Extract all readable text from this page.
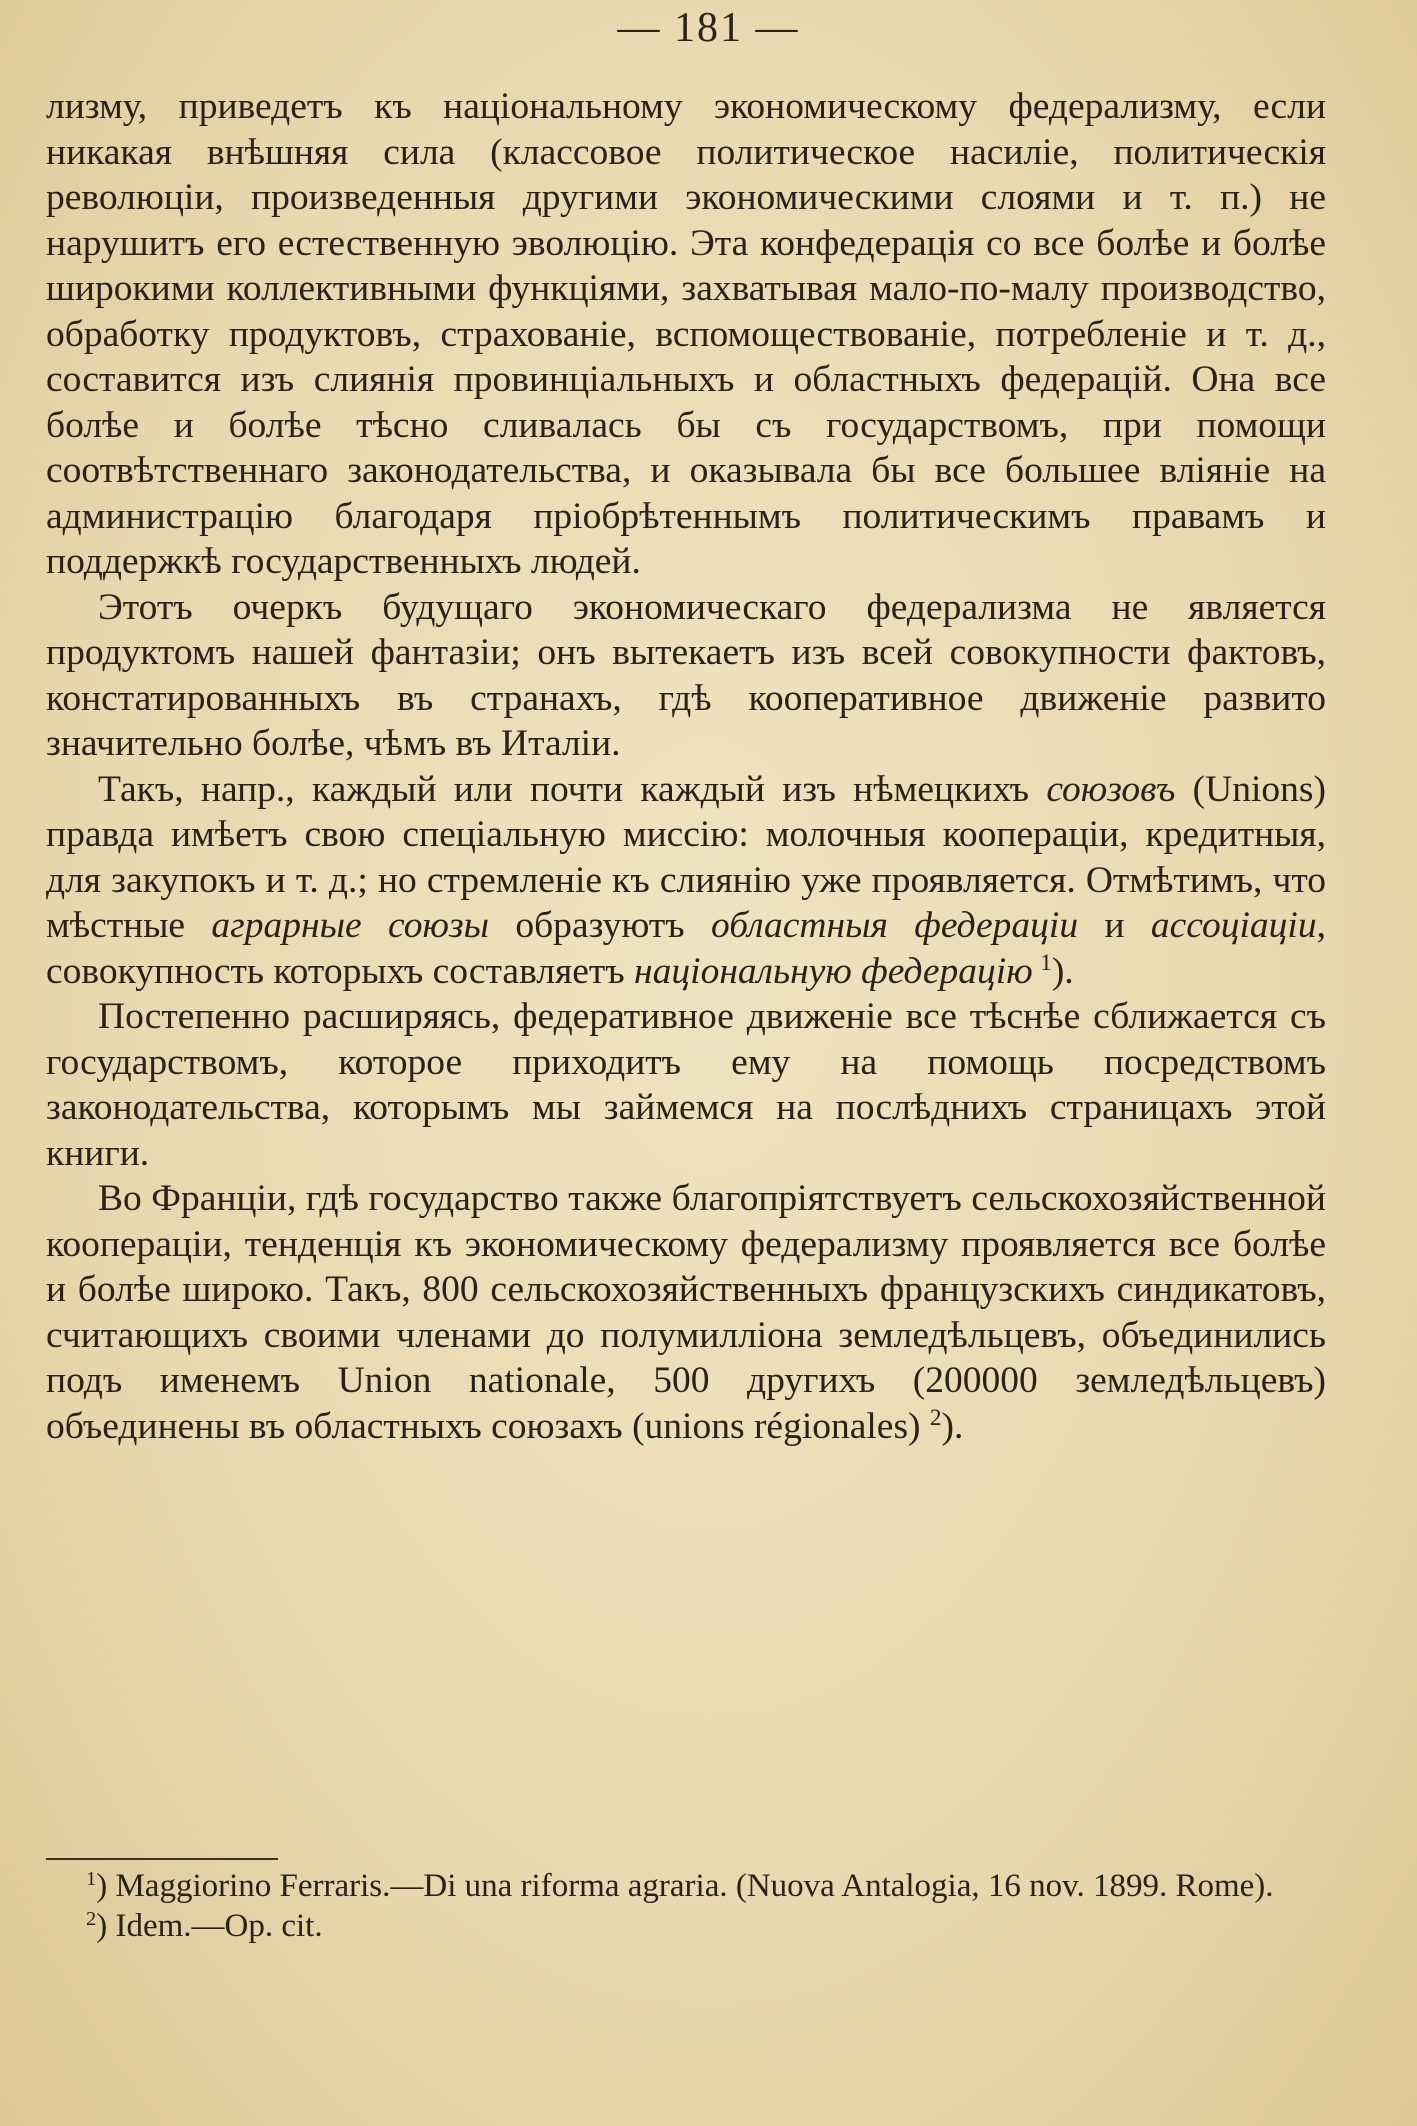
— 181 —

лизму, приведетъ къ національному экономическому федерализму, если никакая внѣшняя сила (классовое политическое насиліе, политическія революціи, произведенныя другими экономическими слоями и т. п.) не нарушитъ его естественную эволюцію. Эта конфедерація со все болѣе и болѣе широкими коллективными функціями, захватывая мало-по-малу производство, обработку продуктовъ, страхованіе, вспомоществованіе, потребленіе и т. д., составится изъ слиянія провинціальныхъ и областныхъ федерацій. Она все болѣе и болѣе тѣсно сливалась бы съ государствомъ, при помощи соотвѣтственнаго законодательства, и оказывала бы все большее вліяніе на администрацію благодаря пріобрѣтеннымъ политическимъ правамъ и поддержкѣ государственныхъ людей.

Этотъ очеркъ будущаго экономическаго федерализма не является продуктомъ нашей фантазіи; онъ вытекаетъ изъ всей совокупности фактовъ, констатированныхъ въ странахъ, гдѣ кооперативное движеніе развито значительно болѣе, чѣмъ въ Италіи.

Такъ, напр., каждый или почти каждый изъ нѣмецкихъ союзовъ (Unions) правда имѣетъ свою спеціальную миссію: молочныя коопераціи, кредитныя, для закупокъ и т. д.; но стремленіе къ слиянію уже проявляется. Отмѣтимъ, что мѣстные аграрные союзы образуютъ областныя федераціи и ассоціаціи, совокупность которыхъ составляетъ національную федерацію  $^1$).

Постепенно расширяясь, федеративное движеніе все тѣснѣе сближается съ государствомъ, которое приходитъ ему на помощь посредствомъ законодательства, которымъ мы займемся на послѣднихъ страницахъ этой книги.

Во Франціи, гдѣ государство также благопріятствуетъ сельскохозяйственной коопераціи, тенденція къ экономическому федерализму проявляется все болѣе и болѣе широко. Такъ, 800 сельскохозяйственныхъ французскихъ синдикатовъ, считающихъ своими членами до полумилліона земледѣльцевъ, объединились подъ именемъ Union nationale, 500 другихъ (200000 земледѣльцевъ) объединены въ областныхъ союзахъ (unions régionales) $^2$).

$^1$) Maggiorino Ferraris.—Di una riforma agraria. (Nuova Antalogia, 16 nov. 1899. Rome).

$^2$) Idem.—Op. cit.
